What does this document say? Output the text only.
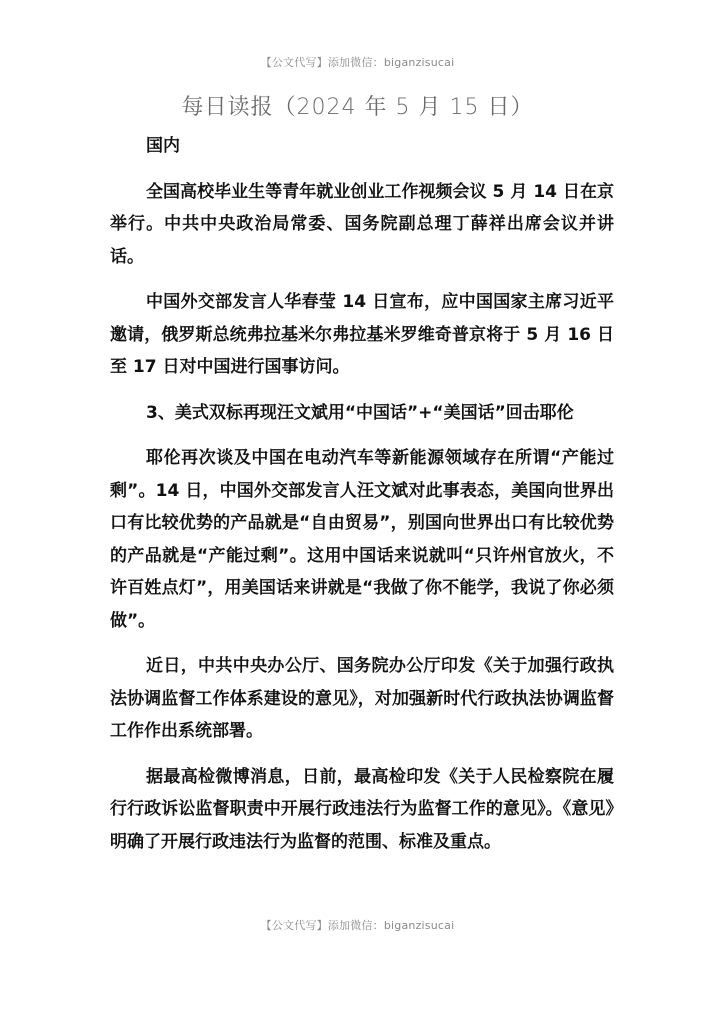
【公文代写】添加微信：biganzisucai
每日读报（2024 年 5 月 15 日）
国内

全国高校毕业生等青年就业创业工作视频会议 5 月 14 日在京举行。中共中央政治局常委、国务院副总理丁薛祥出席会议并讲话。

中国外交部发言人华春莹 14 日宣布，应中国国家主席习近平邀请，俄罗斯总统弗拉基米尔弗拉基米罗维奇普京将于 5 月 16 日至 17 日对中国进行国事访问。

3、美式双标再现汪文斌用“中国话”+“美国话”回击耶伦

耶伦再次谈及中国在电动汽车等新能源领域存在所谓“产能过剩”。14 日，中国外交部发言人汪文斌对此事表态，美国向世界出口有比较优势的产品就是“自由贸易”，别国向世界出口有比较优势的产品就是“产能过剩”。这用中国话来说就叫“只许州官放火，不许百姓点灯”，用美国话来讲就是“我做了你不能学，我说了你必须做”。

近日，中共中央办公厅、国务院办公厅印发《关于加强行政执法协调监督工作体系建设的意见》，对加强新时代行政执法协调监督工作作出系统部署。

据最高检微博消息，日前，最高检印发《关于人民检察院在履行行政诉讼监督职责中开展行政违法行为监督工作的意见》。《意见》明确了开展行政违法行为监督的范围、标准及重点。

【公文代写】添加微信：biganzisucai
